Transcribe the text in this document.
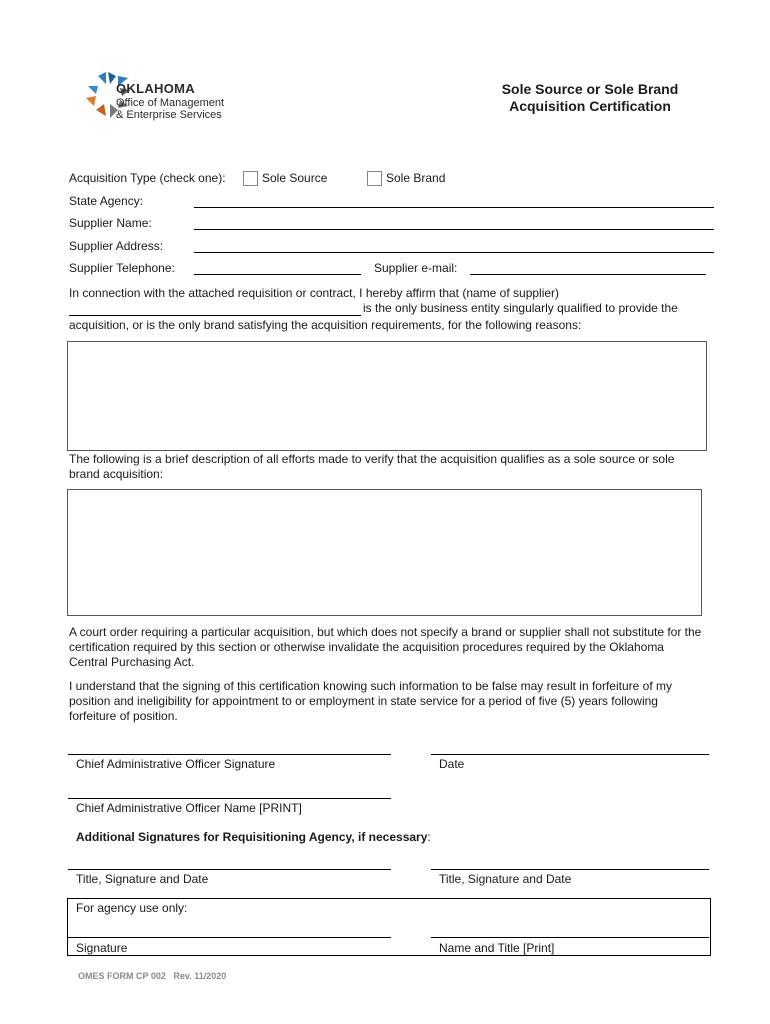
OKLAHOMA
Office of Management
& Enterprise Services
Sole Source or Sole Brand
Acquisition Certification
Acquisition Type (check one):	Sole Source	Sole Brand
State Agency:
Supplier Name:
Supplier Address:
Supplier Telephone:	Supplier e-mail:
In connection with the attached requisition or contract, I hereby affirm that (name of supplier)
is the only business entity singularly qualified to provide the
acquisition, or is the only brand satisfying the acquisition requirements, for the following reasons:
The following is a brief description of all efforts made to verify that the acquisition qualifies as a sole source or sole brand acquisition:
A court order requiring a particular acquisition, but which does not specify a brand or supplier shall not substitute for the certification required by this section or otherwise invalidate the acquisition procedures required by the Oklahoma Central Purchasing Act.
I understand that the signing of this certification knowing such information to be false may result in forfeiture of my position and ineligibility for appointment to or employment in state service for a period of five (5) years following forfeiture of position.
Chief Administrative Officer Signature	Date
Chief Administrative Officer Name [PRINT]
Additional Signatures for Requisitioning Agency, if necessary:
Title, Signature and Date	Title, Signature and Date
For agency use only:
Signature	Name and Title [Print]
OMES FORM CP 002 Rev. 11/2020
